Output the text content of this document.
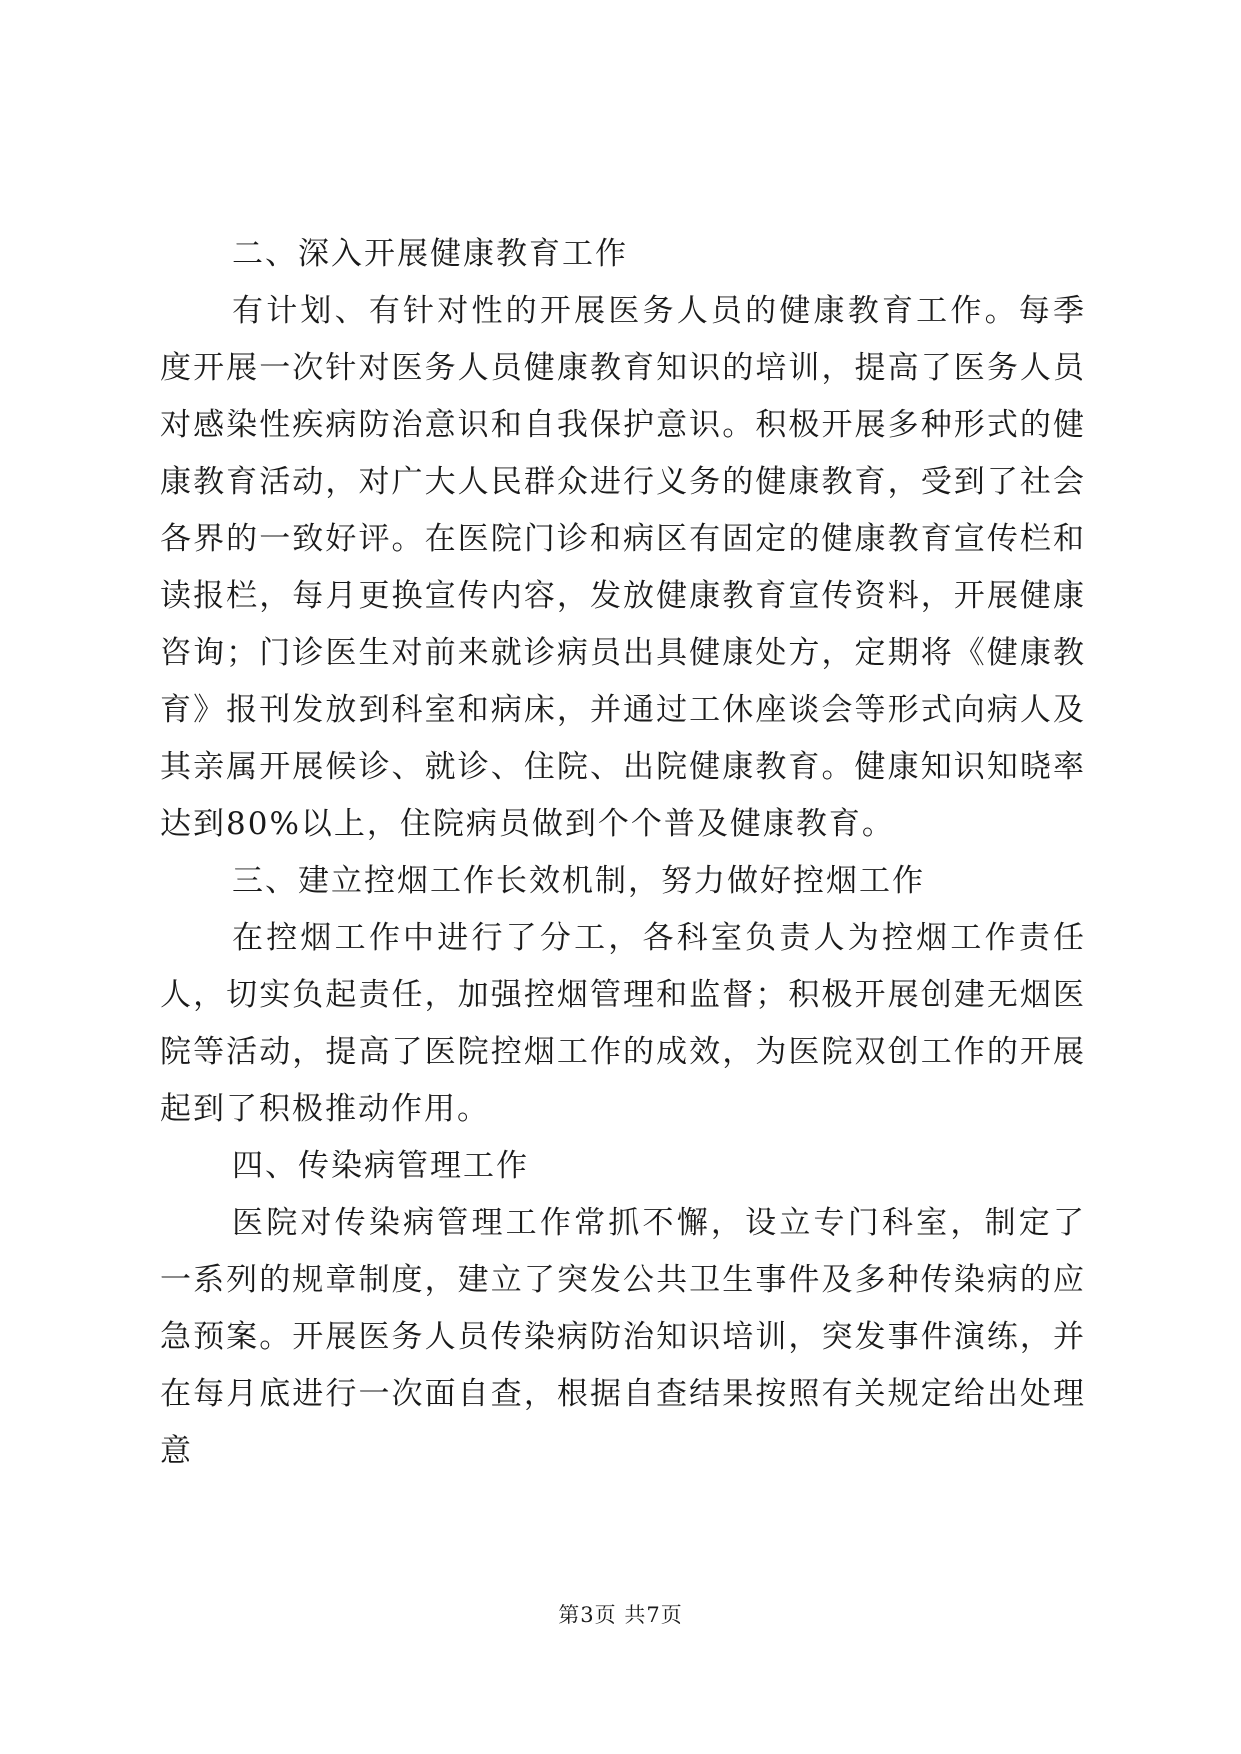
二、深入开展健康教育工作

有计划、有针对性的开展医务人员的健康教育工作。每季度开展一次针对医务人员健康教育知识的培训，提高了医务人员对感染性疾病防治意识和自我保护意识。积极开展多种形式的健康教育活动，对广大人民群众进行义务的健康教育，受到了社会各界的一致好评。在医院门诊和病区有固定的健康教育宣传栏和读报栏，每月更换宣传内容，发放健康教育宣传资料，开展健康咨询；门诊医生对前来就诊病员出具健康处方，定期将《健康教育》报刊发放到科室和病床，并通过工休座谈会等形式向病人及其亲属开展候诊、就诊、住院、出院健康教育。健康知识知晓率达到80%以上，住院病员做到个个普及健康教育。

三、建立控烟工作长效机制，努力做好控烟工作

在控烟工作中进行了分工，各科室负责人为控烟工作责任人，切实负起责任，加强控烟管理和监督；积极开展创建无烟医院等活动，提高了医院控烟工作的成效，为医院双创工作的开展起到了积极推动作用。

四、传染病管理工作

医院对传染病管理工作常抓不懈，设立专门科室，制定了一系列的规章制度，建立了突发公共卫生事件及多种传染病的应急预案。开展医务人员传染病防治知识培训，突发事件演练，并在每月底进行一次面自查，根据自查结果按照有关规定给出处理意

第3页 共7页
